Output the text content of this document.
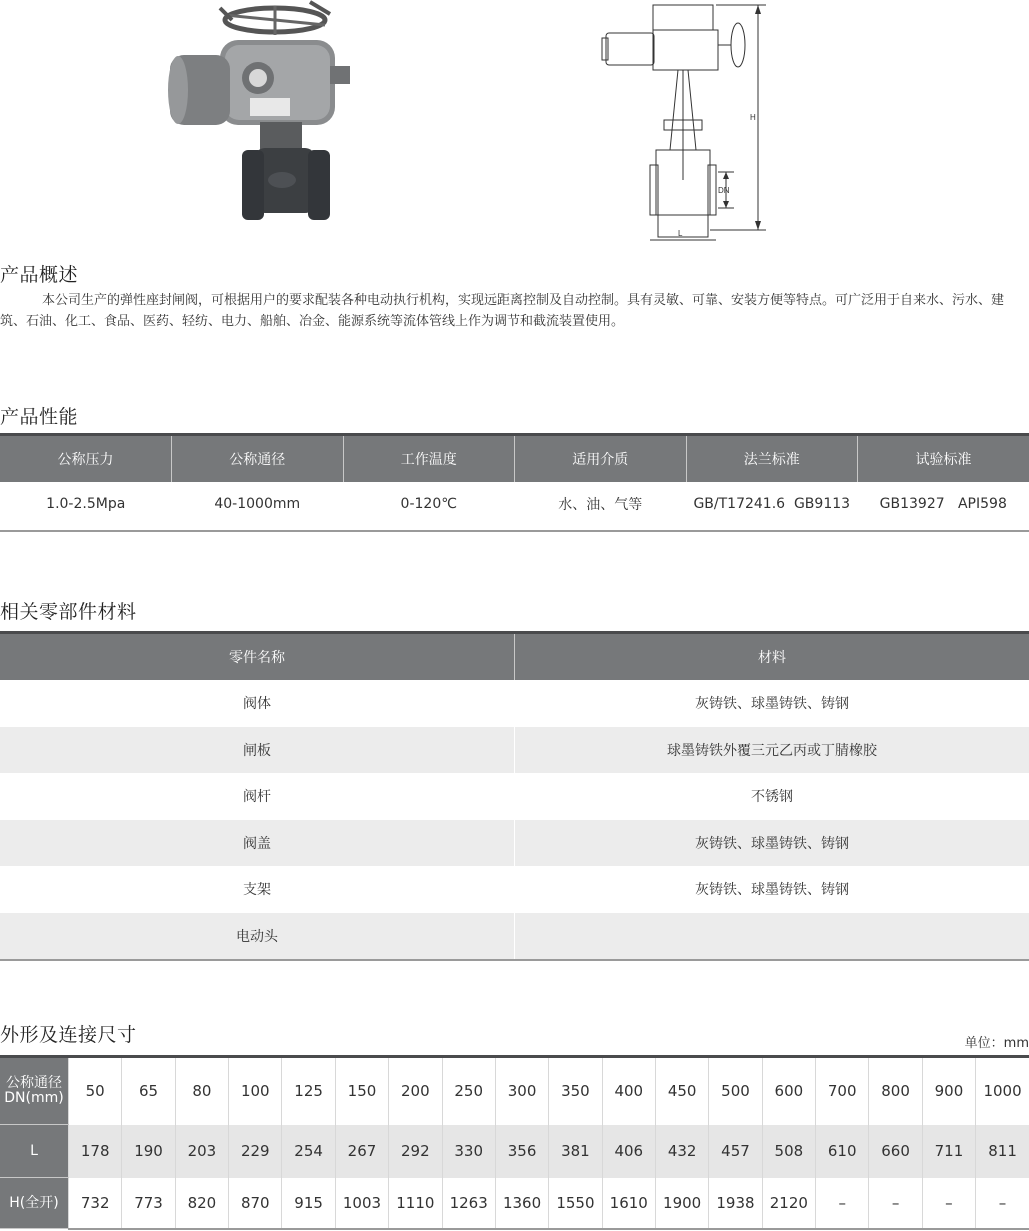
H
DN
L
产品概述

本公司生产的弹性座封闸阀，可根据用户的要求配装各种电动执行机构，实现远距离控制及自动控制。具有灵敏、可靠、安装方便等特点。可广泛用于自来水、污水、建筑、石油、化工、食品、医药、轻纺、电力、船舶、冶金、能源系统等流体管线上作为调节和截流装置使用。

产品性能
公称压力	公称通径	工作温度	适用介质	法兰标准	试验标准
1.0-2.5Mpa	40-1000mm	0-120℃	水、油、气等	GB/T17241.6  GB9113	GB13927   API598
相关零部件材料
零件名称	材料
阀体	灰铸铁、球墨铸铁、铸钢
闸板	球墨铸铁外覆三元乙丙或丁腈橡胶
阀杆	不锈钢
阀盖	灰铸铁、球墨铸铁、铸钢
支架	灰铸铁、球墨铸铁、铸钢
电动头	
外形及连接尺寸	单位：mm
公称通径DN(mm)	50	65	80	100	125	150	200	250	300	350	400	450	500	600	700	800	900	1000
L	178	190	203	229	254	267	292	330	356	381	406	432	457	508	610	660	711	811
H(全开)	732	773	820	870	915	1003	1110	1263	1360	1550	1610	1900	1938	2120	–	–	–	–
